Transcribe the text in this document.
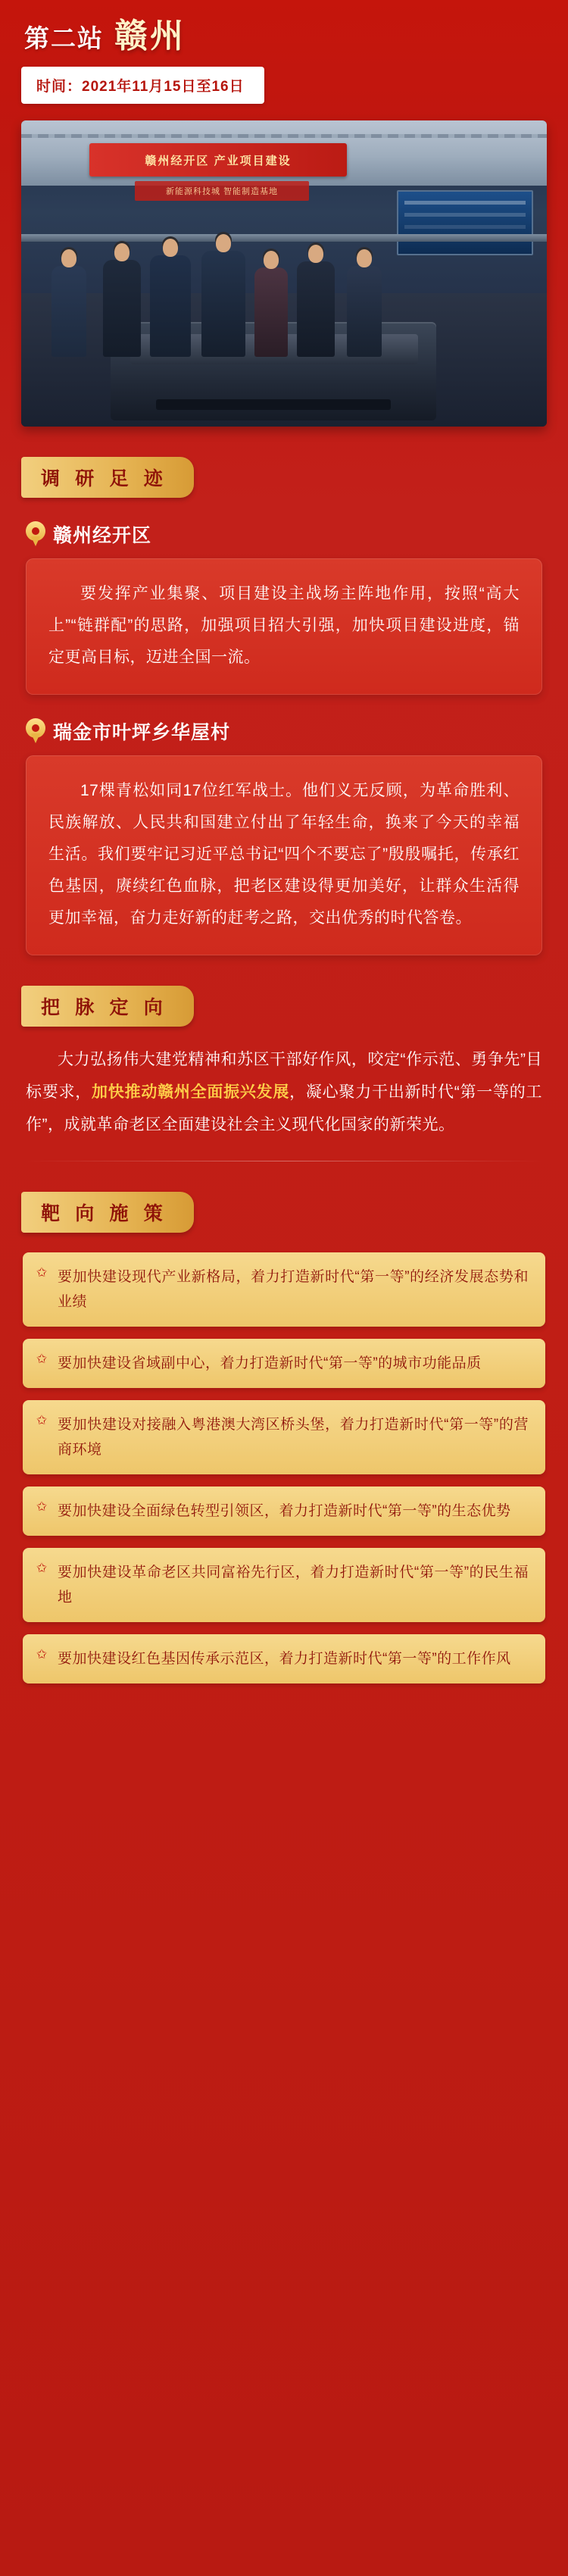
第二站 赣州
时间：2021年11月15日至16日
赣州经开区 产业项目建设
新能源科技城 智能制造基地
调 研 足 迹
赣州经开区

要发挥产业集聚、项目建设主战场主阵地作用，按照“高大上”“链群配”的思路，加强项目招大引强，加快项目建设进度，锚定更高目标，迈进全国一流。

瑞金市叶坪乡华屋村

17棵青松如同17位红军战士。他们义无反顾，为革命胜利、民族解放、人民共和国建立付出了年轻生命，换来了今天的幸福生活。我们要牢记习近平总书记“四个不要忘了”殷殷嘱托，传承红色基因，赓续红色血脉，把老区建设得更加美好，让群众生活得更加幸福，奋力走好新的赶考之路，交出优秀的时代答卷。

把 脉 定 向

大力弘扬伟大建党精神和苏区干部好作风，咬定“作示范、勇争先”目标要求，加快推动赣州全面振兴发展，凝心聚力干出新时代“第一等的工作”，成就革命老区全面建设社会主义现代化国家的新荣光。

靶 向 施 策
✩ 要加快建设现代产业新格局，着力打造新时代“第一等”的经济发展态势和业绩

✩ 要加快建设省域副中心，着力打造新时代“第一等”的城市功能品质

✩ 要加快建设对接融入粤港澳大湾区桥头堡，着力打造新时代“第一等”的营商环境

✩ 要加快建设全面绿色转型引领区，着力打造新时代“第一等”的生态优势

✩ 要加快建设革命老区共同富裕先行区，着力打造新时代“第一等”的民生福地

✩ 要加快建设红色基因传承示范区，着力打造新时代“第一等”的工作作风
